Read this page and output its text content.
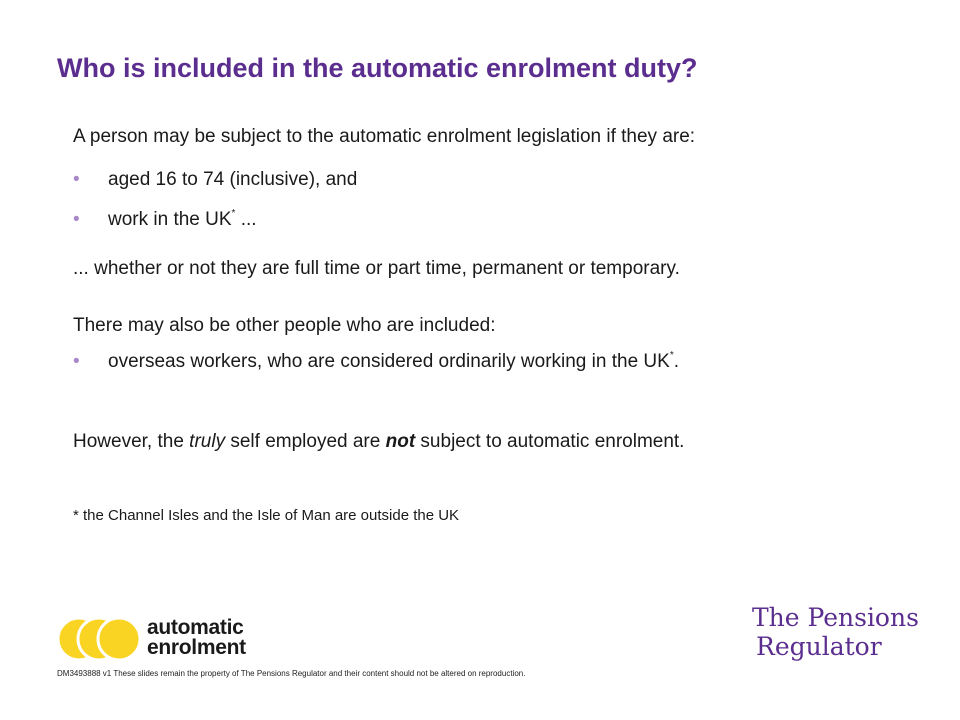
Who is included in the automatic enrolment duty?
A person may be subject to the automatic enrolment legislation if they are:
• aged 16 to 74 (inclusive), and
• work in the UK* ...
... whether or not they are full time or part time, permanent or temporary.
There may also be other people who are included:
• overseas workers, who are considered ordinarily working in the UK*.
However, the truly self employed are not subject to automatic enrolment.
* the Channel Isles and the Isle of Man are outside the UK
automatic
enrolment
The Pensions
Regulator
DM3493888 v1 These slides remain the property of The Pensions Regulator and their content should not be altered on reproduction.
